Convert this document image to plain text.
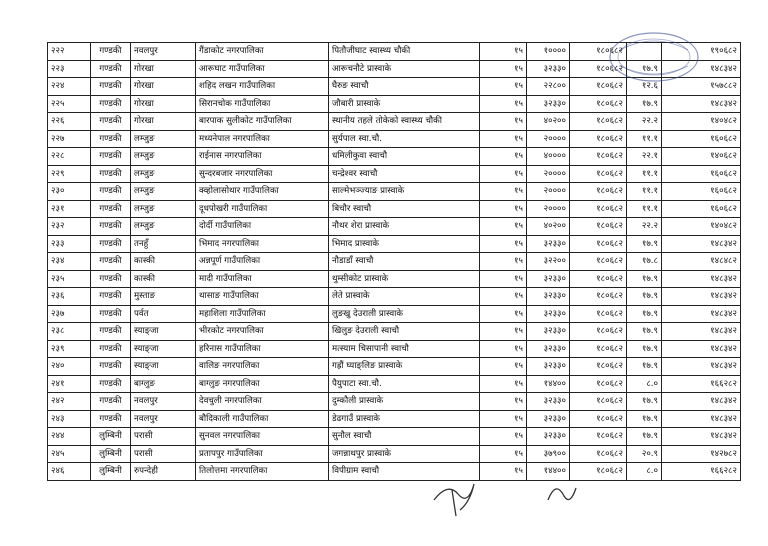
२२२	गण्डकी	नवलपुर	गैंडाकोट नगरपालिका	पितौजीघाट स्वास्थ्य चौकी	१५	१००००	१८०६८२		१९०६८२
२२३	गण्डकी	गोरखा	आरूघाट गाउँपालिका	आरूचनौटे प्रास्वाके	१५	३२३३०	१८०६८२	१७.९	१४८३४२
२२४	गण्डकी	गोरखा	शहिद लखन गाउँपालिका	घैरुङ स्वाचौ	१५	२२८००	१८०६८२	१२.६	१५७८८२
२२५	गण्डकी	गोरखा	सिरानचोक गाउँपालिका	जौबारी प्रास्वाके	१५	३२३३०	१८०६८२	१७.९	१४८३४२
२२६	गण्डकी	गोरखा	बारपाक सुलीकोट गाउँपालिका	स्थानीय तहले तोकेको स्वास्थ्य चौकी	१५	४०२००	१८०६८२	२२.२	१४०४८२
२२७	गण्डकी	लम्जुङ	मध्यनेपाल नगरपालिका	सुर्यपाल स्वा.चौ.	१५	२००००	१८०६८२	११.१	१६०६८२
२२८	गण्डकी	लम्जुङ	राईनास नगरपालिका	धमिलीकुवा स्वाचौ	१५	४००००	१८०६८२	२२.१	१४०६८२
२२९	गण्डकी	लम्जुङ	सुन्दरबजार नगरपालिका	चन्द्रेश्वर स्वाचौ	१५	२००००	१८०६८२	११.१	१६०६८२
२३०	गण्डकी	लम्जुङ	क्व्होलासोथार गाउँपालिका	साल्मेभञ्ज्याङ प्रास्वाके	१५	२००००	१८०६८२	११.१	१६०६८२
२३१	गण्डकी	लम्जुङ	दूधपोखरी गाउँपालिका	बिचौर स्वाचौ	१५	२००००	१८०६८२	११.१	१६०६८२
२३२	गण्डकी	लम्जुङ	दोर्दी गाउँपालिका	नौथर शेरा प्रास्वाके	१५	४०२००	१८०६८२	२२.२	१४०४८२
२३३	गण्डकी	तनहुँ	भिमाद नगरपालिका	भिमाद प्रास्वाके	१५	३२३३०	१८०६८२	१७.९	१४८३४२
२३४	गण्डकी	कास्की	अन्नपूर्ण गाउँपालिका	नौडाडाँ स्वाचौ	१५	३२२००	१८०६८२	१७.८	१४८४८२
२३५	गण्डकी	कास्की	मादी गाउँपालिका	थुम्सीकोट प्रास्वाके	१५	३२३३०	१८०६८२	१७.९	१४८३४२
२३६	गण्डकी	मुस्ताङ	थासाङ गाउँपालिका	लेते प्रास्वाके	१५	३२३३०	१८०६८२	१७.९	१४८३४२
२३७	गण्डकी	पर्वत	महाशिला गाउँपालिका	लुङखु देउराली प्रास्वाके	१५	३२३३०	१८०६८२	१७.९	१४८३४२
२३८	गण्डकी	स्याङ्जा	भीरकोट नगरपालिका	खिलुङ देउराली स्वाचौ	१५	३२३३०	१८०६८२	१७.९	१४८३४२
२३९	गण्डकी	स्याङ्जा	हरिनास गाउँपालिका	मत्स्याम चिसापानी स्वाचौ	१५	३२३३०	१८०६८२	१७.९	१४८३४२
२४०	गण्डकी	स्याङ्जा	वालिङ नगरपालिका	गह्रौं घ्याङ्लिङ प्रास्वाके	१५	३२३३०	१८०६८२	१७.९	१४८३४२
२४१	गण्डकी	बाग्लुङ	बाग्लुङ नगरपालिका	पैयुपाटा स्वा.चौ.	१५	१४४००	१८०६८२	८.०	१६६२८२
२४२	गण्डकी	नवलपुर	देवचुली नगरपालिका	दुम्कौली प्रास्वाके	१५	३२३३०	१८०६८२	१७.९	१४८३४२
२४३	गण्डकी	नवलपुर	बौदिकाली गाउँपालिका	डेढगाउँ प्रास्वाके	१५	३२३३०	१८०६८२	१७.९	१४८३४२
२४४	लुम्बिनी	परासी	सुनवल नगरपालिका	सुनौल स्वाचौ	१५	३२३३०	१८०६८२	१७.९	१४८३४२
२४५	लुम्बिनी	परासी	प्रतापपुर गाउँपालिका	जगन्नाथपुर प्रास्वाके	१५	३७९००	१८०६८२	२०.९	१४२७८२
२४६	लुम्बिनी	रुपन्देही	तिलोत्तमा नगरपालिका	विपीग्राम स्वाचौ	१५	१४४००	१८०६८२	८.०	१६६२८२
